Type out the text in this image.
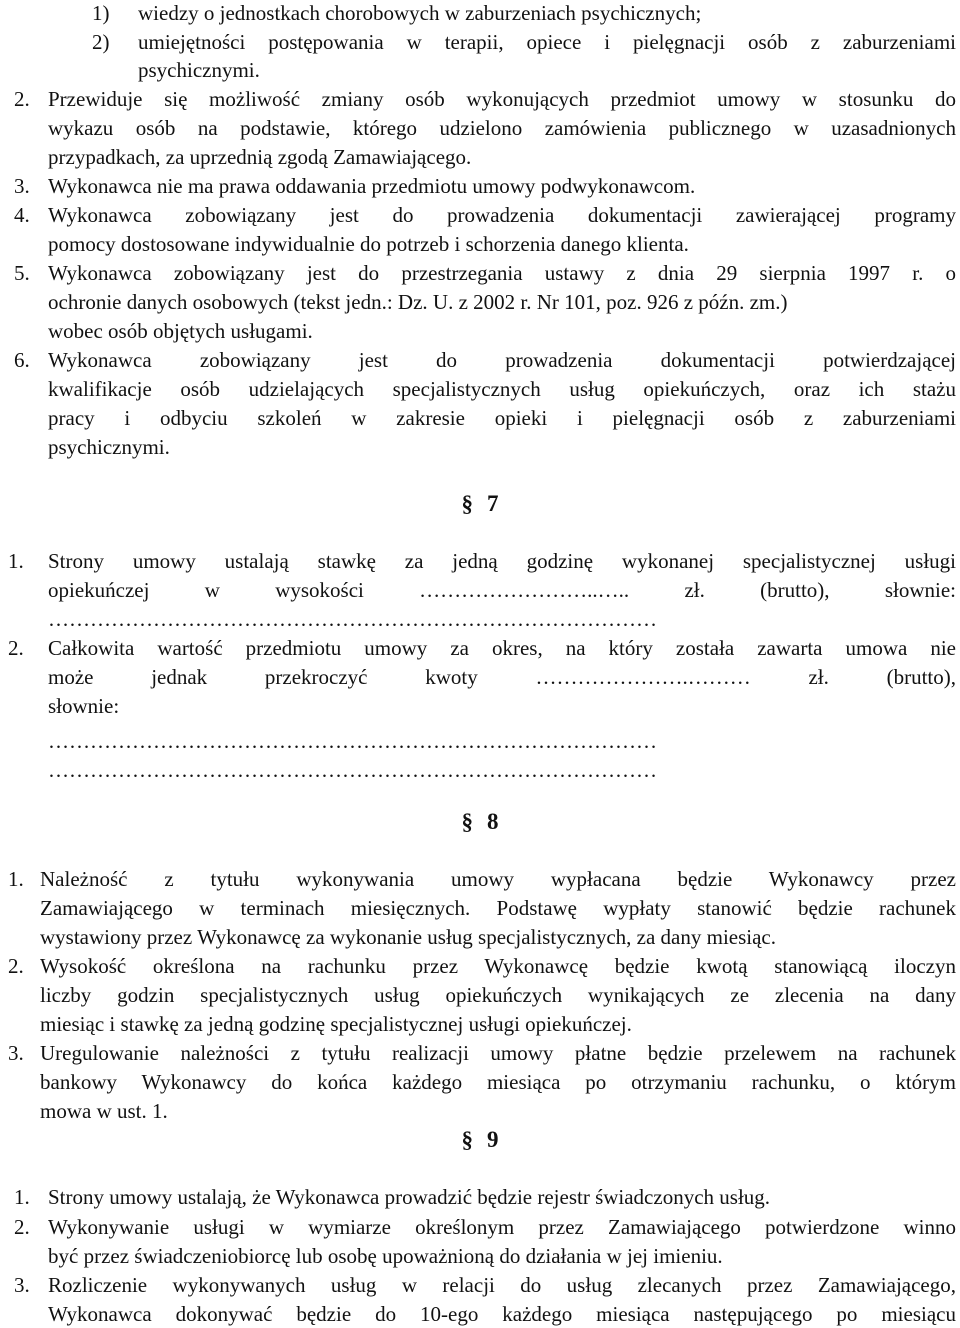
1) wiedzy o jednostkach chorobowych w zaburzeniach psychicznych;
2) umiejętności postępowania w terapii, opiece i pielęgnacji osób z zaburzeniami
psychicznymi.
2. Przewiduje się możliwość zmiany osób wykonujących przedmiot umowy w stosunku do
wykazu osób na podstawie, którego udzielono zamówienia publicznego w uzasadnionych
przypadkach, za uprzednią zgodą Zamawiającego.
3. Wykonawca nie ma prawa oddawania przedmiotu umowy podwykonawcom.
4. Wykonawca zobowiązany jest do prowadzenia dokumentacji zawierającej programy
pomocy dostosowane indywidualnie do potrzeb i schorzenia danego klienta.
5. Wykonawca zobowiązany jest do przestrzegania ustawy z dnia 29 sierpnia 1997 r. o
ochronie danych osobowych (tekst jedn.: Dz. U. z 2002 r. Nr 101, poz. 926 z późn. zm.)
wobec osób objętych usługami.
6. Wykonawca zobowiązany jest do prowadzenia dokumentacji potwierdzającej
kwalifikacje osób udzielających specjalistycznych usług opiekuńczych, oraz ich stażu
pracy i odbyciu szkoleń w zakresie opieki i pielęgnacji osób z zaburzeniami
psychicznymi.
§ 7
1. Strony umowy ustalają stawkę za jedną godzinę wykonanej specjalistycznej usługi
opiekuńczej w wysokości ……………………..….. zł. (brutto), słownie:
……………………………………………………………………………
2. Całkowita wartość przedmiotu umowy za okres, na który została zawarta umowa nie
może jednak przekroczyć kwoty ………………….……… zł. (brutto),
słownie:
……………………………………………………………………………
……………………………………………………………………………
§ 8
1. Należność z tytułu wykonywania umowy wypłacana będzie Wykonawcy przez
Zamawiającego w terminach miesięcznych. Podstawę wypłaty stanowić będzie rachunek
wystawiony przez Wykonawcę za wykonanie usług specjalistycznych, za dany miesiąc.
2. Wysokość określona na rachunku przez Wykonawcę będzie kwotą stanowiącą iloczyn
liczby godzin specjalistycznych usług opiekuńczych wynikających ze zlecenia na dany
miesiąc i stawkę za jedną godzinę specjalistycznej usługi opiekuńczej.
3. Uregulowanie należności z tytułu realizacji umowy płatne będzie przelewem na rachunek
bankowy Wykonawcy do końca każdego miesiąca po otrzymaniu rachunku, o którym
mowa w ust. 1.
§ 9
1. Strony umowy ustalają, że Wykonawca prowadzić będzie rejestr świadczonych usług.
2. Wykonywanie usługi w wymiarze określonym przez Zamawiającego potwierdzone winno
być przez świadczeniobiorcę lub osobę upoważnioną do działania w jej imieniu.
3. Rozliczenie wykonywanych usług w relacji do usług zlecanych przez Zamawiającego,
Wykonawca dokonywać będzie do 10-ego każdego miesiąca następującego po miesiącu
